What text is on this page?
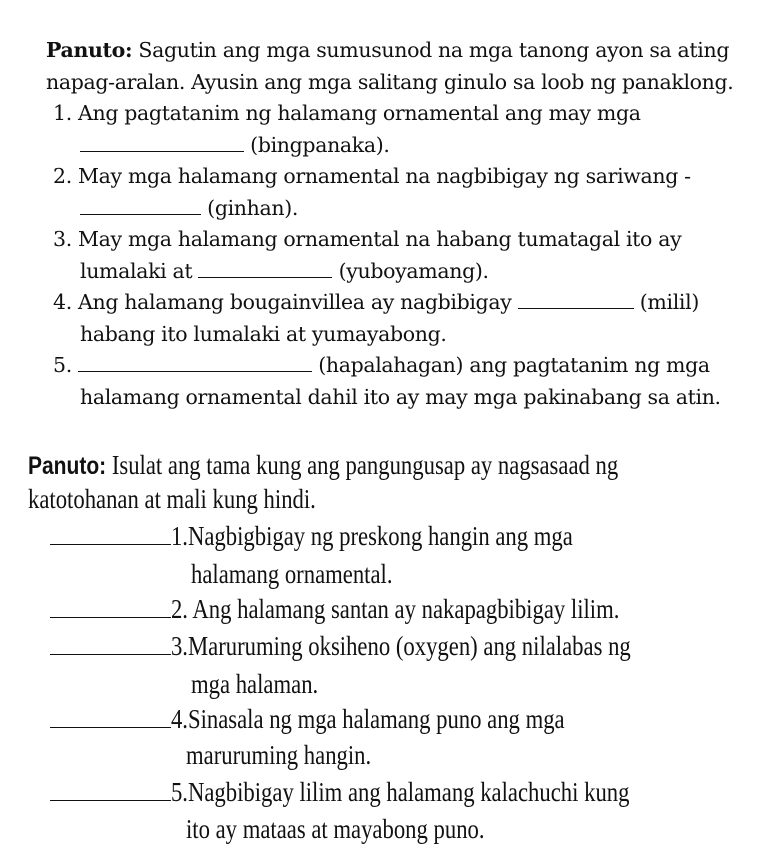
Panuto: Sagutin ang mga sumusunod na mga tanong ayon sa ating
napag-aralan. Ayusin ang mga salitang ginulo sa loob ng panaklong.
1. Ang pagtatanim ng halamang ornamental ang may mga
(bingpanaka).
2. May mga halamang ornamental na nagbibigay ng sariwang -
(ginhan).
3. May mga halamang ornamental na habang tumatagal ito ay
lumalaki at	(yuboyamang).
4. Ang halamang bougainvillea ay nagbibigay	(milil)
habang ito lumalaki at yumayabong.
5.	(hapalahagan) ang pagtatanim ng mga
halamang ornamental dahil ito ay may mga pakinabang sa atin.
Panuto: Isulat ang tama kung ang pangungusap ay nagsasaad ng
katotohanan at mali kung hindi.
1.Nagbigbigay ng preskong hangin ang mga
halamang ornamental.
2. Ang halamang santan ay nakapagbibigay lilim.
3.Maruruming oksiheno (oxygen) ang nilalabas ng
mga halaman.
4.Sinasala ng mga halamang puno ang mga
maruruming hangin.
5.Nagbibigay lilim ang halamang kalachuchi kung
ito ay mataas at mayabong puno.
